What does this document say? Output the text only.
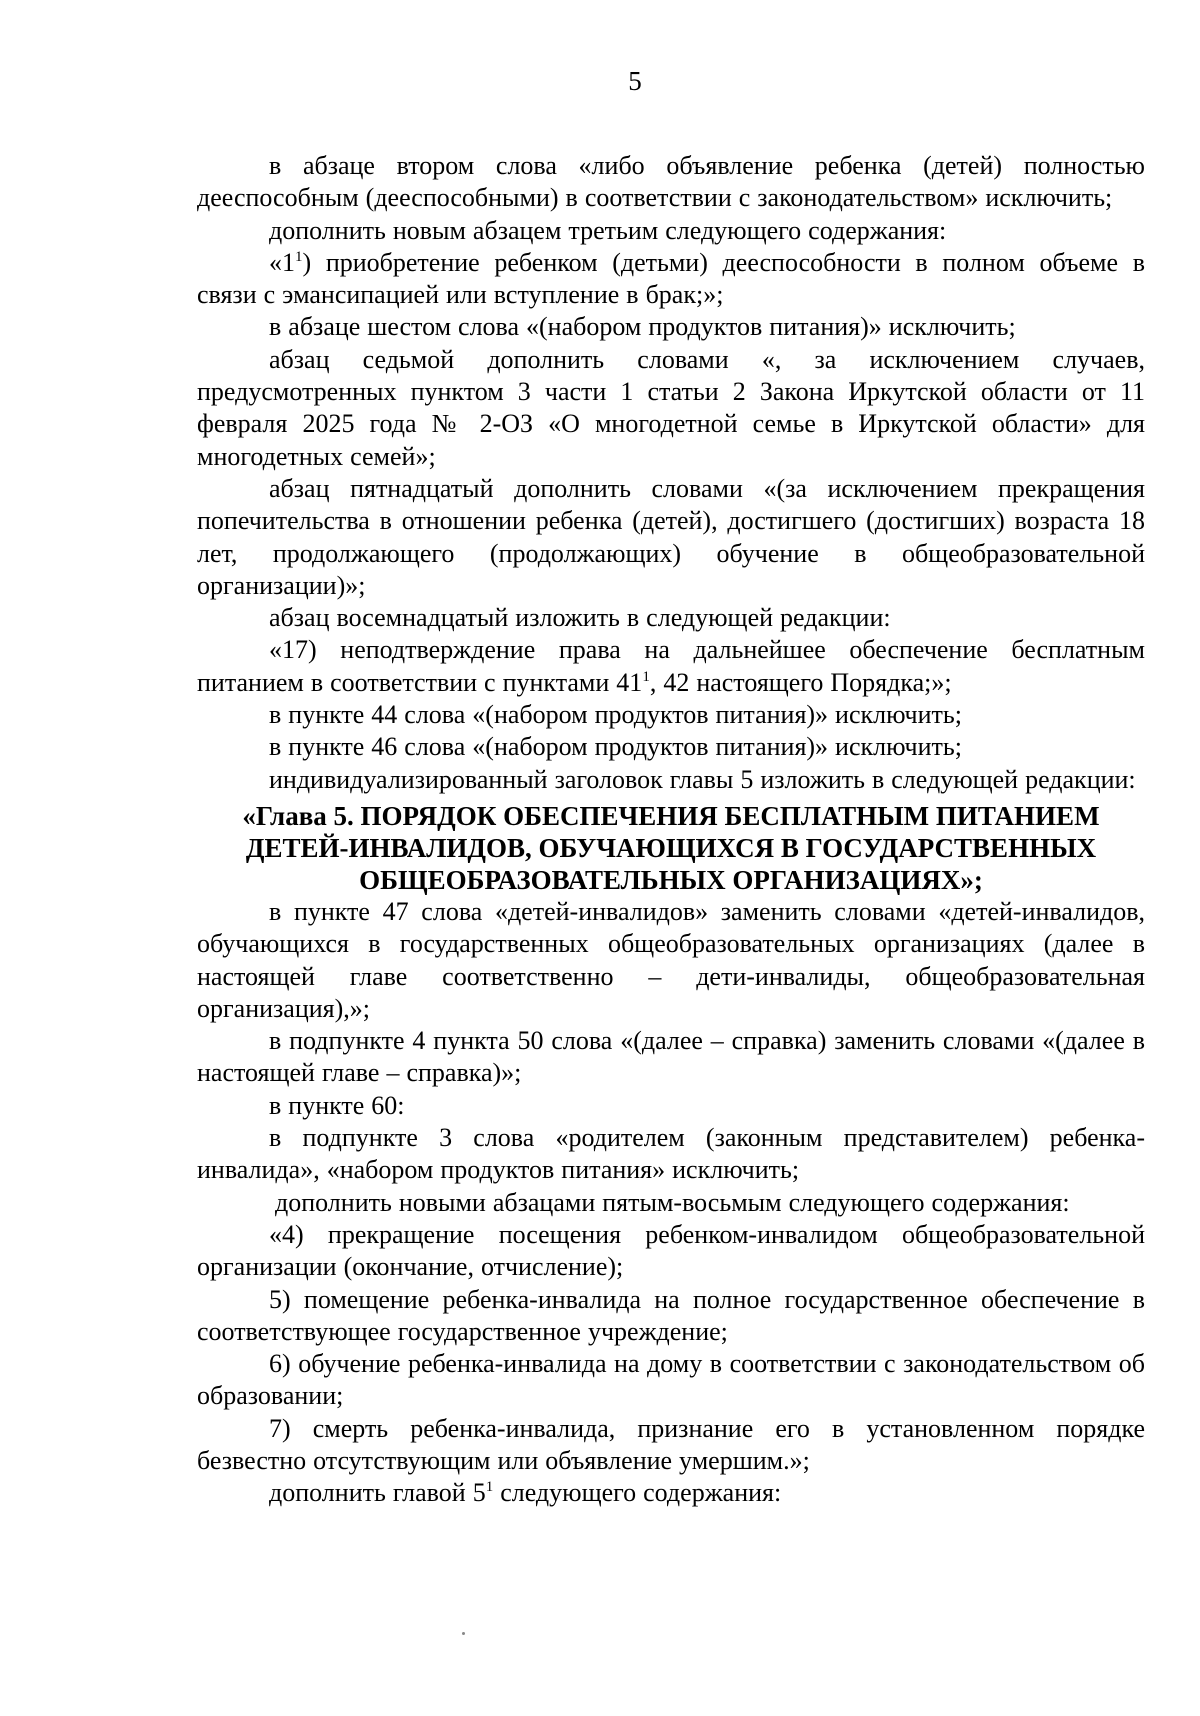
5

в абзаце втором слова «либо объявление ребенка (детей) полностью дееспособным (дееспособными) в соответствии с законодательством» исключить;

дополнить новым абзацем третьим следующего содержания:

«$1^1$) приобретение ребенком (детьми) дееспособности в полном объеме в связи с эмансипацией или вступление в брак;»;

в абзаце шестом слова «(набором продуктов питания)» исключить;

абзац седьмой дополнить словами «, за исключением случаев, предусмотренных пунктом 3 части 1 статьи 2 Закона Иркутской области от 11 февраля 2025 года № 2-ОЗ «О многодетной семье в Иркутской области» для многодетных семей»;

абзац пятнадцатый дополнить словами «(за исключением прекращения попечительства в отношении ребенка (детей), достигшего (достигших) возраста 18 лет, продолжающего (продолжающих) обучение в общеобразовательной организации)»;

абзац восемнадцатый изложить в следующей редакции:

«17) неподтверждение права на дальнейшее обеспечение бесплатным питанием в соответствии с пунктами $41^1$, 42 настоящего Порядка;»;

в пункте 44 слова «(набором продуктов питания)» исключить;

в пункте 46 слова «(набором продуктов питания)» исключить;

индивидуализированный заголовок главы 5 изложить в следующей редакции:

«Глава 5. ПОРЯДОК ОБЕСПЕЧЕНИЯ БЕСПЛАТНЫМ ПИТАНИЕМ
ДЕТЕЙ-ИНВАЛИДОВ, ОБУЧАЮЩИХСЯ В ГОСУДАРСТВЕННЫХ
ОБЩЕОБРАЗОВАТЕЛЬНЫХ ОРГАНИЗАЦИЯХ»;

в пункте 47 слова «детей-инвалидов» заменить словами «детей-инвалидов, обучающихся в государственных общеобразовательных организациях (далее в настоящей главе соответственно – дети-инвалиды, общеобразовательная организация),»;

в подпункте 4 пункта 50 слова «(далее – справка) заменить словами «(далее в настоящей главе – справка)»;

в пункте 60:

в подпункте 3 слова «родителем (законным представителем) ребенка-инвалида», «набором продуктов питания» исключить;

дополнить новыми абзацами пятым-восьмым следующего содержания:

«4) прекращение посещения ребенком-инвалидом общеобразовательной организации (окончание, отчисление);

5) помещение ребенка-инвалида на полное государственное обеспечение в соответствующее государственное учреждение;

6) обучение ребенка-инвалида на дому в соответствии с законодательством об образовании;

7) смерть ребенка-инвалида, признание его в установленном порядке безвестно отсутствующим или объявление умершим.»;

дополнить главой $5^1$ следующего содержания:
